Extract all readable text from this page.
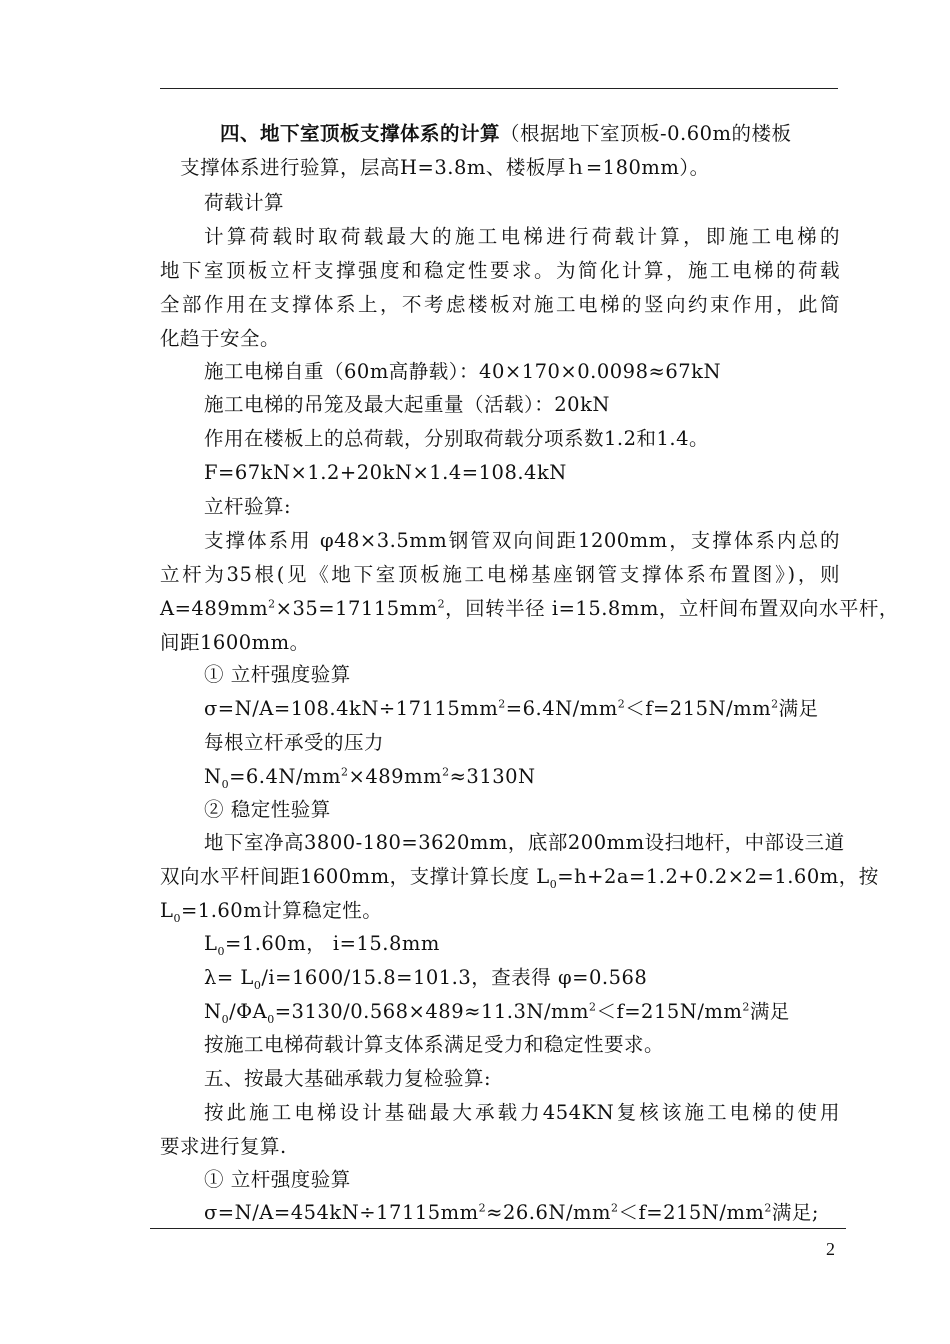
四、地下室顶板支撑体系的计算（根据地下室顶板-0.60m的楼板
支撑体系进行验算，层高H=3.8m、楼板厚ｈ=180mm）。
荷载计算
计算荷载时取荷载最大的施工电梯进行荷载计算，即施工电梯的
地下室顶板立杆支撑强度和稳定性要求。为简化计算，施工电梯的荷载
全部作用在支撑体系上，不考虑楼板对施工电梯的竖向约束作用，此简
化趋于安全。
施工电梯自重（60m高静载）：40×170×0.0098≈67kN
施工电梯的吊笼及最大起重量（活载）：20kN
作用在楼板上的总荷载，分别取荷载分项系数1.2和1.4。
F=67kN×1.2+20kN×1.4=108.4kN
立杆验算:
支撑体系用 φ48×3.5mm钢管双向间距1200mm，支撑体系内总的
立杆为35根(见《地下室顶板施工电梯基座钢管支撑体系布置图》)，则
$A=489mm^2\times 35=17115mm^2$，回转半径 i=15.8mm，立杆间布置双向水平杆，
间距1600mm。
① 立杆强度验算
$\sigma=N/A=108.4kN\div 17115mm^2=6.4N/mm^2<f=215N/mm^2$满足
每根立杆承受的压力
$N_0=6.4N/mm^2\times 489mm^2\approx 3130N$
② 稳定性验算
地下室净高3800-180=3620mm，底部200mm设扫地杆，中部设三道
双向水平杆间距1600mm，支撑计算长度 $L_0=h+2a=1.2+0.2\times 2=1.60m$，按
$L_0=1.60m$计算稳定性。
$L_0=1.60m$， i=15.8mm
$\lambda= L_0/i=1600/15.8=101.3$，查表得 φ=0.568
$N_0/\Phi A_0=3130/0.568\times 489\approx 11.3N/mm^2<f=215N/mm^2$满足
按施工电梯荷载计算支体系满足受力和稳定性要求。
五、按最大基础承载力复检验算:
按此施工电梯设计基础最大承载力454KN复核该施工电梯的使用
要求进行复算.
① 立杆强度验算
$\sigma=N/A=454kN\div 17115mm^2\approx 26.6N/mm^2<f=215N/mm^2$满足;
2
